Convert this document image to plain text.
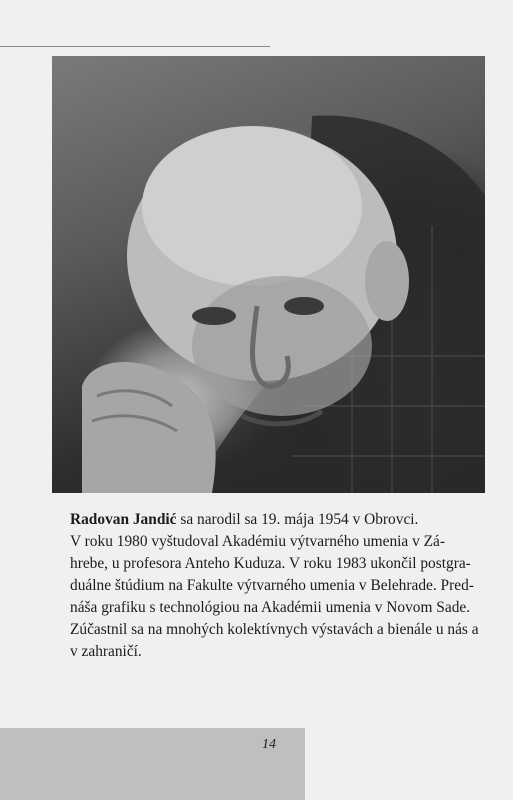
Radovan Jandić sa narodil sa 19. mája 1954 v Obrovci.
V roku 1980 vyštudoval Akadémiu výtvarného umenia v Zá-
hrebe, u profesora Anteho Kuduza. V roku 1983 ukončil postgra-
duálne štúdium na Fakulte výtvarného umenia v Belehrade. Pred-
náša grafiku s technológiou na Akadémii umenia v Novom Sade.
Zúčastnil sa na mnohých kolektívnych výstavách a bienále u nás a
v zahraničí.
14
